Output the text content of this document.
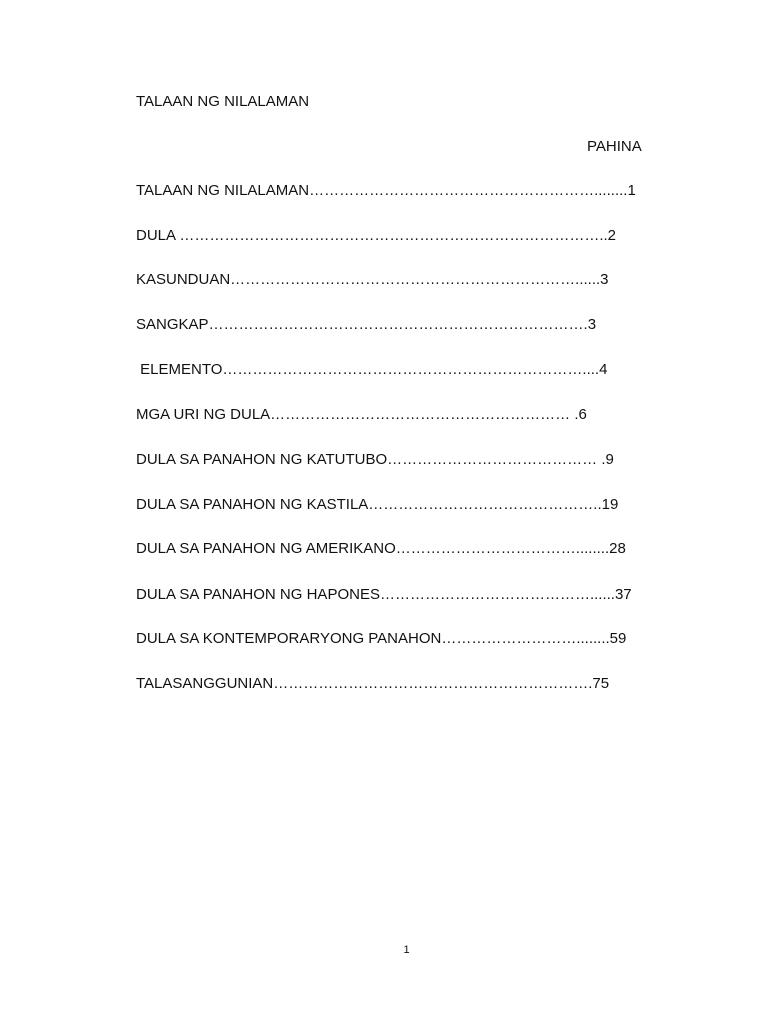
TALAAN NG NILALAMAN
PAHINA
TALAAN NG NILALAMAN…………………………………………………........1
DULA …………………………………………………………………………..2
KASUNDUAN……………………………………………………………......3
SANGKAP………………………………………………………………….3
ELEMENTO………………………………………………………………....4
MGA URI NG DULA…………………………………………………… .6
DULA SA PANAHON NG KATUTUBO…………………………………… .9
DULA SA PANAHON NG KASTILA………………………………………..19
DULA SA PANAHON NG AMERIKANO………………………………........28
DULA SA PANAHON NG HAPONES……………………………………......37
DULA SA KONTEMPORARYONG PANAHON………………………........59
TALASANGGUNIAN……………………………………………………….75
1
